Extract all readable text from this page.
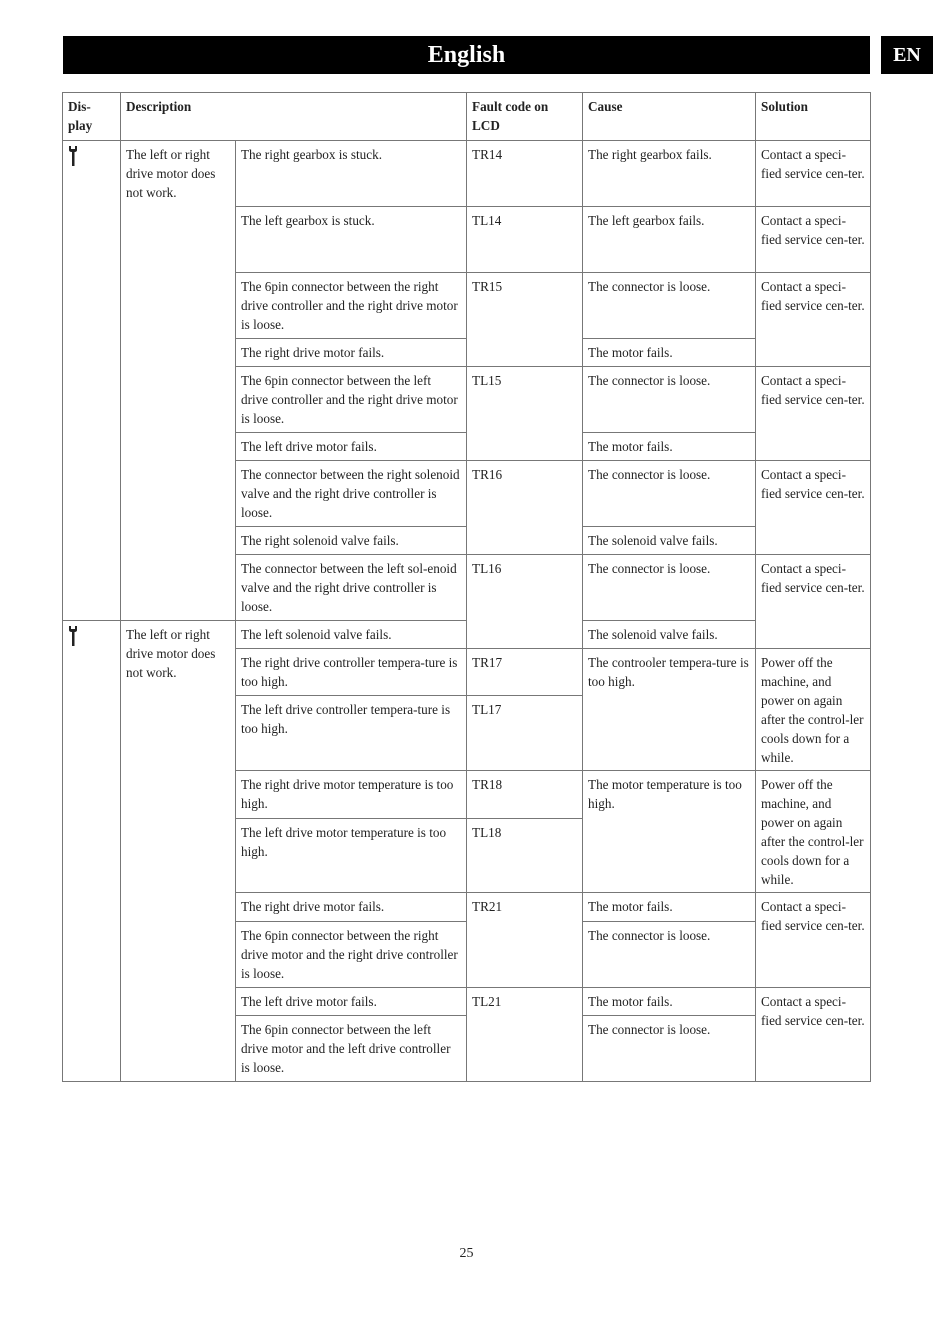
English	EN
Dis-
play	Description		Fault code on LCD	Cause	Solution

	The left or right drive motor does not work.	The right gearbox is stuck.	TR14	The right gearbox fails.	Contact a speci-fied service cen-ter.
		The left gearbox is stuck.	TL14	The left gearbox fails.	Contact a speci-fied service cen-ter.
		The 6pin connector between the right drive controller and the right drive motor is loose.	TR15	The connector is loose.	Contact a speci-fied service cen-ter.
		The right drive motor fails.		The motor fails.	
		The 6pin connector between the left drive controller and the right drive motor is loose.	TL15	The connector is loose.	Contact a speci-fied service cen-ter.
		The left drive motor fails.		The motor fails.	
		The connector between the right solenoid valve and the right drive controller is loose.	TR16	The connector is loose.	Contact a speci-fied service cen-ter.
		The right solenoid valve fails.		The solenoid valve fails.	
		The connector between the left sol-enoid valve and the right drive controller is loose.	TL16	The connector is loose.	Contact a speci-fied service cen-ter.

	The left or right drive motor does not work.	The left solenoid valve fails.		The solenoid valve fails.	
		The right drive controller tempera-ture is too high.	TR17	The controoler tempera-ture is too high.	Power off the machine, and power on again after the control-ler cools down for a while.
		The left drive controller tempera-ture is too high.	TL17		
		The right drive motor temperature is too high.	TR18	The motor temperature is too high.	Power off the machine, and power on again after the control-ler cools down for a while.
		The left drive motor temperature is too high.	TL18		
		The right drive motor fails.	TR21	The motor fails.	Contact a speci-fied service cen-ter.
		The 6pin connector between the right drive motor and the right drive controller is loose.		The connector is loose.	
		The left drive motor fails.	TL21	The motor fails.	Contact a speci-fied service cen-ter.
		The 6pin connector between the left drive motor and the left drive controller is loose.		The connector is loose.	
25
